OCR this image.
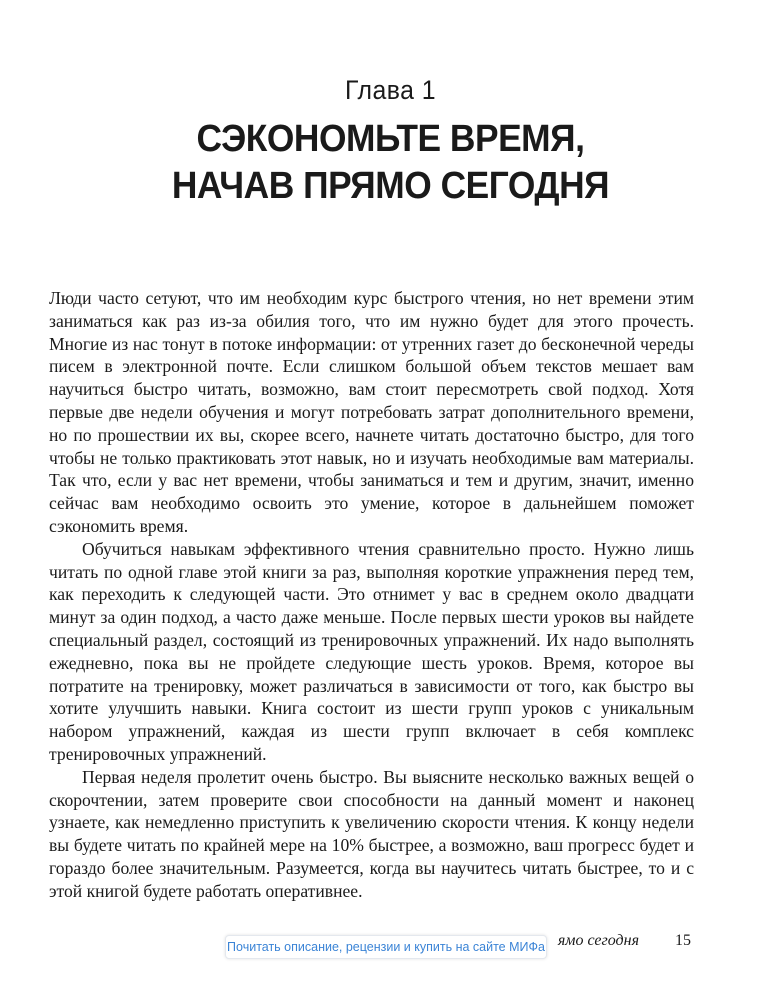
Глава 1
СЭКОНОМЬТЕ ВРЕМЯ,
НАЧАВ ПРЯМО СЕГОДНЯ

Люди часто сетуют, что им необходим курс быстрого чтения, но нет времени этим заниматься как раз из-за обилия того, что им нужно будет для этого прочесть. Многие из нас тонут в потоке информации: от утренних газет до бесконечной череды писем в электронной почте. Если слишком большой объем текстов мешает вам научиться быстро читать, возможно, вам стоит пересмотреть свой подход. Хотя первые две недели обучения и могут потребовать затрат дополнительного времени, но по прошествии их вы, скорее всего, начнете читать достаточно быстро, для того чтобы не только практиковать этот навык, но и изучать необходимые вам материалы. Так что, если у вас нет времени, чтобы заниматься и тем и другим, значит, именно сейчас вам необходимо освоить это умение, которое в дальнейшем поможет сэкономить время.

Обучиться навыкам эффективного чтения сравнительно просто. Нужно лишь читать по одной главе этой книги за раз, выполняя короткие упражнения перед тем, как переходить к следующей части. Это отнимет у вас в среднем около двадцати минут за один подход, а часто даже меньше. После первых шести уроков вы найдете специальный раздел, состоящий из тренировочных упражнений. Их надо выполнять ежедневно, пока вы не пройдете следующие шесть уроков. Время, которое вы потратите на тренировку, может различаться в зависимости от того, как быстро вы хотите улучшить навыки. Книга состоит из шести групп уроков с уникальным набором упражнений, каждая из шести групп включает в себя комплекс тренировочных упражнений.

Первая неделя пролетит очень быстро. Вы выясните несколько важных вещей о скорочтении, затем проверите свои способности на данный момент и наконец узнаете, как немедленно приступить к увеличению скорости чтения. К концу недели вы будете читать по крайней мере на 10% быстрее, а возможно, ваш прогресс будет и гораздо более значительным. Разумеется, когда вы научитесь читать быстрее, то и с этой книгой будете работать оперативнее.

ямо сегодня 15
Почитать описание, рецензии и купить на сайте МИФа
